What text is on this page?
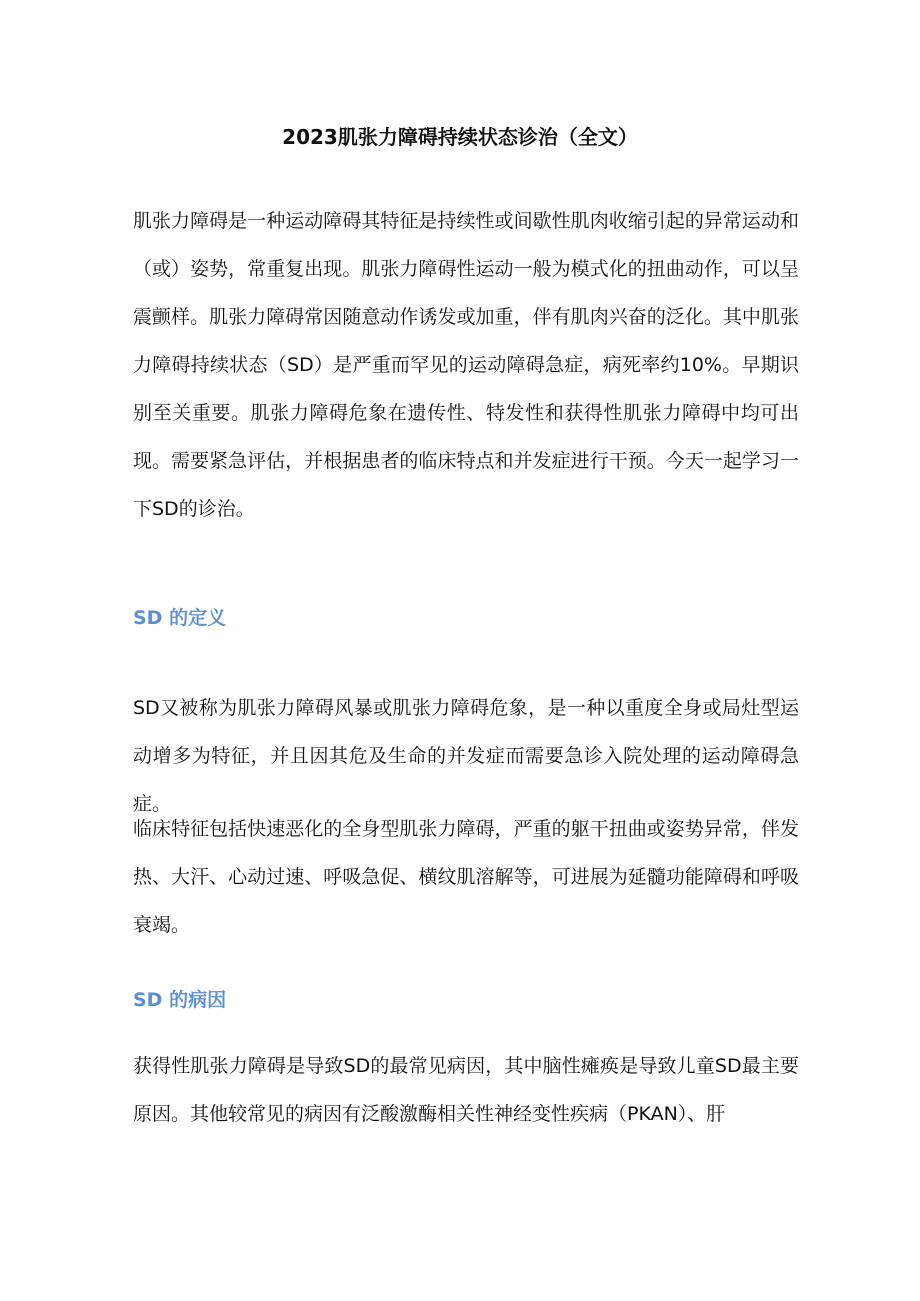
2023肌张力障碍持续状态诊治（全文）

肌张力障碍是一种运动障碍其特征是持续性或间歇性肌肉收缩引起的异常运动和（或）姿势，常重复出现。肌张力障碍性运动一般为模式化的扭曲动作，可以呈震颤样。肌张力障碍常因随意动作诱发或加重，伴有肌肉兴奋的泛化。其中肌张力障碍持续状态（SD）是严重而罕见的运动障碍急症，病死率约10%。早期识别至关重要。肌张力障碍危象在遗传性、特发性和获得性肌张力障碍中均可出现。需要紧急评估，并根据患者的临床特点和并发症进行干预。今天一起学习一下SD的诊治。

SD 的定义

SD又被称为肌张力障碍风暴或肌张力障碍危象，是一种以重度全身或局灶型运动增多为特征，并且因其危及生命的并发症而需要急诊入院处理的运动障碍急症。

临床特征包括快速恶化的全身型肌张力障碍，严重的躯干扭曲或姿势异常，伴发热、大汗、心动过速、呼吸急促、横纹肌溶解等，可进展为延髓功能障碍和呼吸衰竭。

SD 的病因

获得性肌张力障碍是导致SD的最常见病因，其中脑性瘫痪是导致儿童SD最主要原因。其他较常见的病因有泛酸激酶相关性神经变性疾病（PKAN）、肝
